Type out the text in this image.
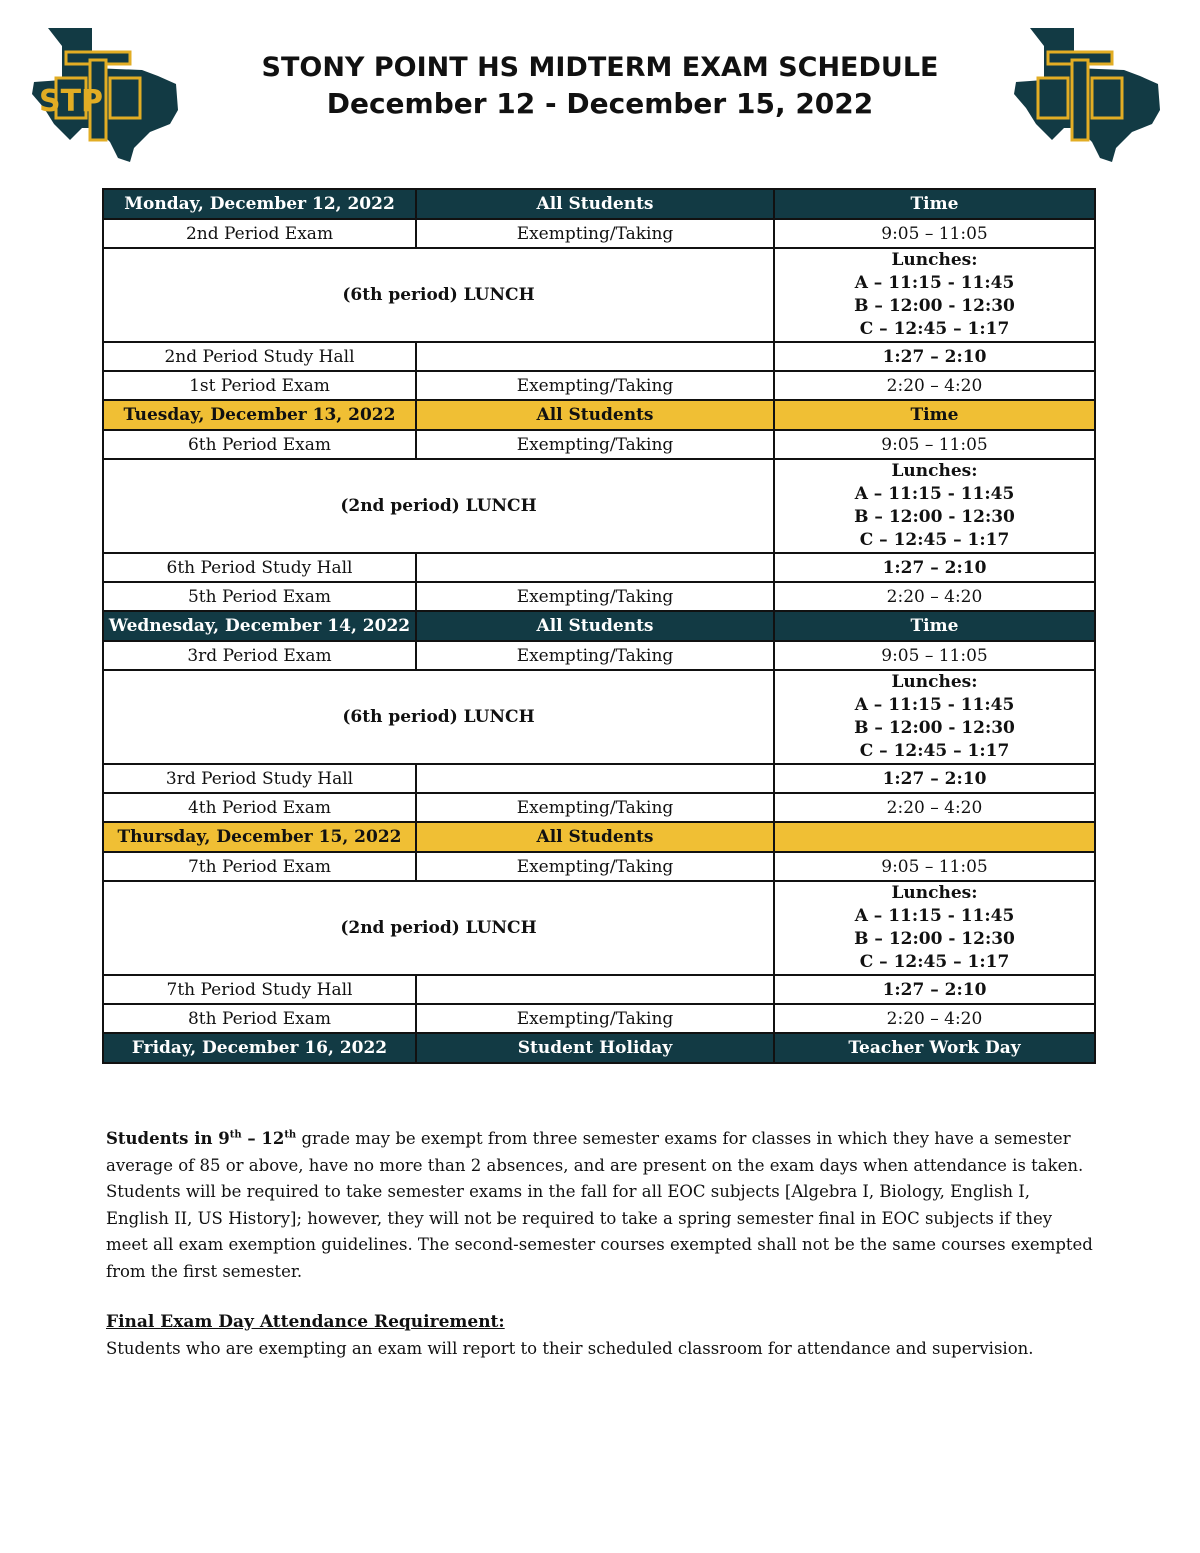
STP
STONY POINT HS MIDTERM EXAM SCHEDULE
December 12 - December 15, 2022
Monday, December 12, 2022	All Students	Time
2nd Period Exam	Exempting/Taking	9:05 – 11:05
(6th period) LUNCH		Lunches:
A – 11:15 - 11:45
B – 12:00 - 12:30
C – 12:45 – 1:17

2nd Period Study Hall		1:27 – 2:10
1st Period Exam	Exempting/Taking	2:20 – 4:20
Tuesday, December 13, 2022	All Students	Time
6th Period Exam	Exempting/Taking	9:05 – 11:05
(2nd period) LUNCH		Lunches:
A – 11:15 - 11:45
B – 12:00 - 12:30
C – 12:45 – 1:17

6th Period Study Hall		1:27 – 2:10
5th Period Exam	Exempting/Taking	2:20 – 4:20
Wednesday, December 14, 2022	All Students	Time
3rd Period Exam	Exempting/Taking	9:05 – 11:05
(6th period) LUNCH		Lunches:
A – 11:15 - 11:45
B – 12:00 - 12:30
C – 12:45 – 1:17

3rd Period Study Hall		1:27 – 2:10
4th Period Exam	Exempting/Taking	2:20 – 4:20
Thursday, December 15, 2022	All Students	
7th Period Exam	Exempting/Taking	9:05 – 11:05
(2nd period) LUNCH		Lunches:
A – 11:15 - 11:45
B – 12:00 - 12:30
C – 12:45 – 1:17

7th Period Study Hall		1:27 – 2:10
8th Period Exam	Exempting/Taking	2:20 – 4:20
Friday, December 16, 2022	Student Holiday	Teacher Work Day
Students in 9th – 12th grade may be exempt from three semester exams for classes in which they have a semester average of 85 or above, have no more than 2 absences, and are present on the exam days when attendance is taken. Students will be required to take semester exams in the fall for all EOC subjects [Algebra I, Biology, English I, English II, US History]; however, they will not be required to take a spring semester final in EOC subjects if they meet all exam exemption guidelines. The second-semester courses exempted shall not be the same courses exempted from the first semester.
Final Exam Day Attendance Requirement:
Students who are exempting an exam will report to their scheduled classroom for attendance and supervision.
